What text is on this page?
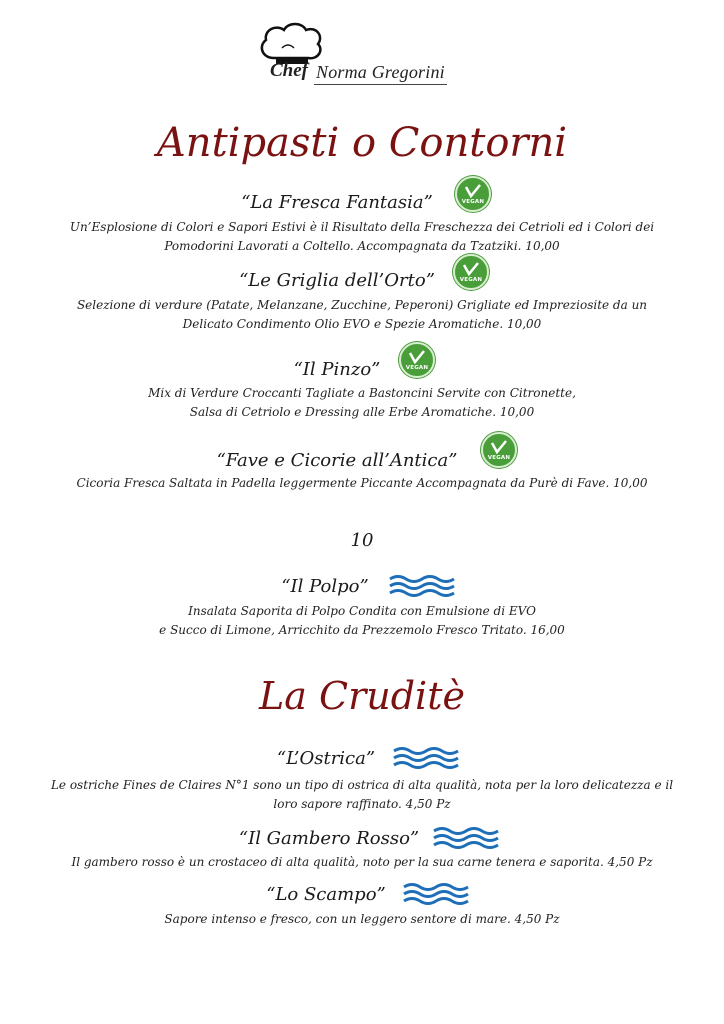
Chef Norma Gregorini
Antipasti o Contorni

“La Fresca Fantasia”	VEGAN

Un’Esplosione di Colori e Sapori Estivi è il Risultato della Freschezza dei Cetrioli ed i Colori dei
Pomodorini Lavorati a Coltello. Accompagnata da Tzatziki. 10,00

“Le Griglia dell’Orto”	VEGAN

Selezione di verdure (Patate, Melanzane, Zucchine, Peperoni) Grigliate ed Impreziosite da un
Delicato Condimento Olio EVO e Spezie Aromatiche. 10,00

“Il Pinzo”	VEGAN

Mix di Verdure Croccanti Tagliate a Bastoncini Servite con Citronette,
Salsa di Cetriolo e Dressing alle Erbe Aromatiche. 10,00

“Fave e Cicorie all’Antica”	VEGAN

Cicoria Fresca Saltata in Padella leggermente Piccante Accompagnata da Purè di Fave. 10,00

10

“Il Polpo”

Insalata Saporita di Polpo Condita con Emulsione di EVO
e Succo di Limone, Arricchito da Prezzemolo Fresco Tritato. 16,00

La Cruditè

“L’Ostrica”

Le ostriche Fines de Claires N°1 sono un tipo di ostrica di alta qualità, nota per la loro delicatezza e il
loro sapore raffinato. 4,50 Pz

“Il Gambero Rosso”

Il gambero rosso è un crostaceo di alta qualità, noto per la sua carne tenera e saporita. 4,50 Pz

“Lo Scampo”

Sapore intenso e fresco, con un leggero sentore di mare. 4,50 Pz
